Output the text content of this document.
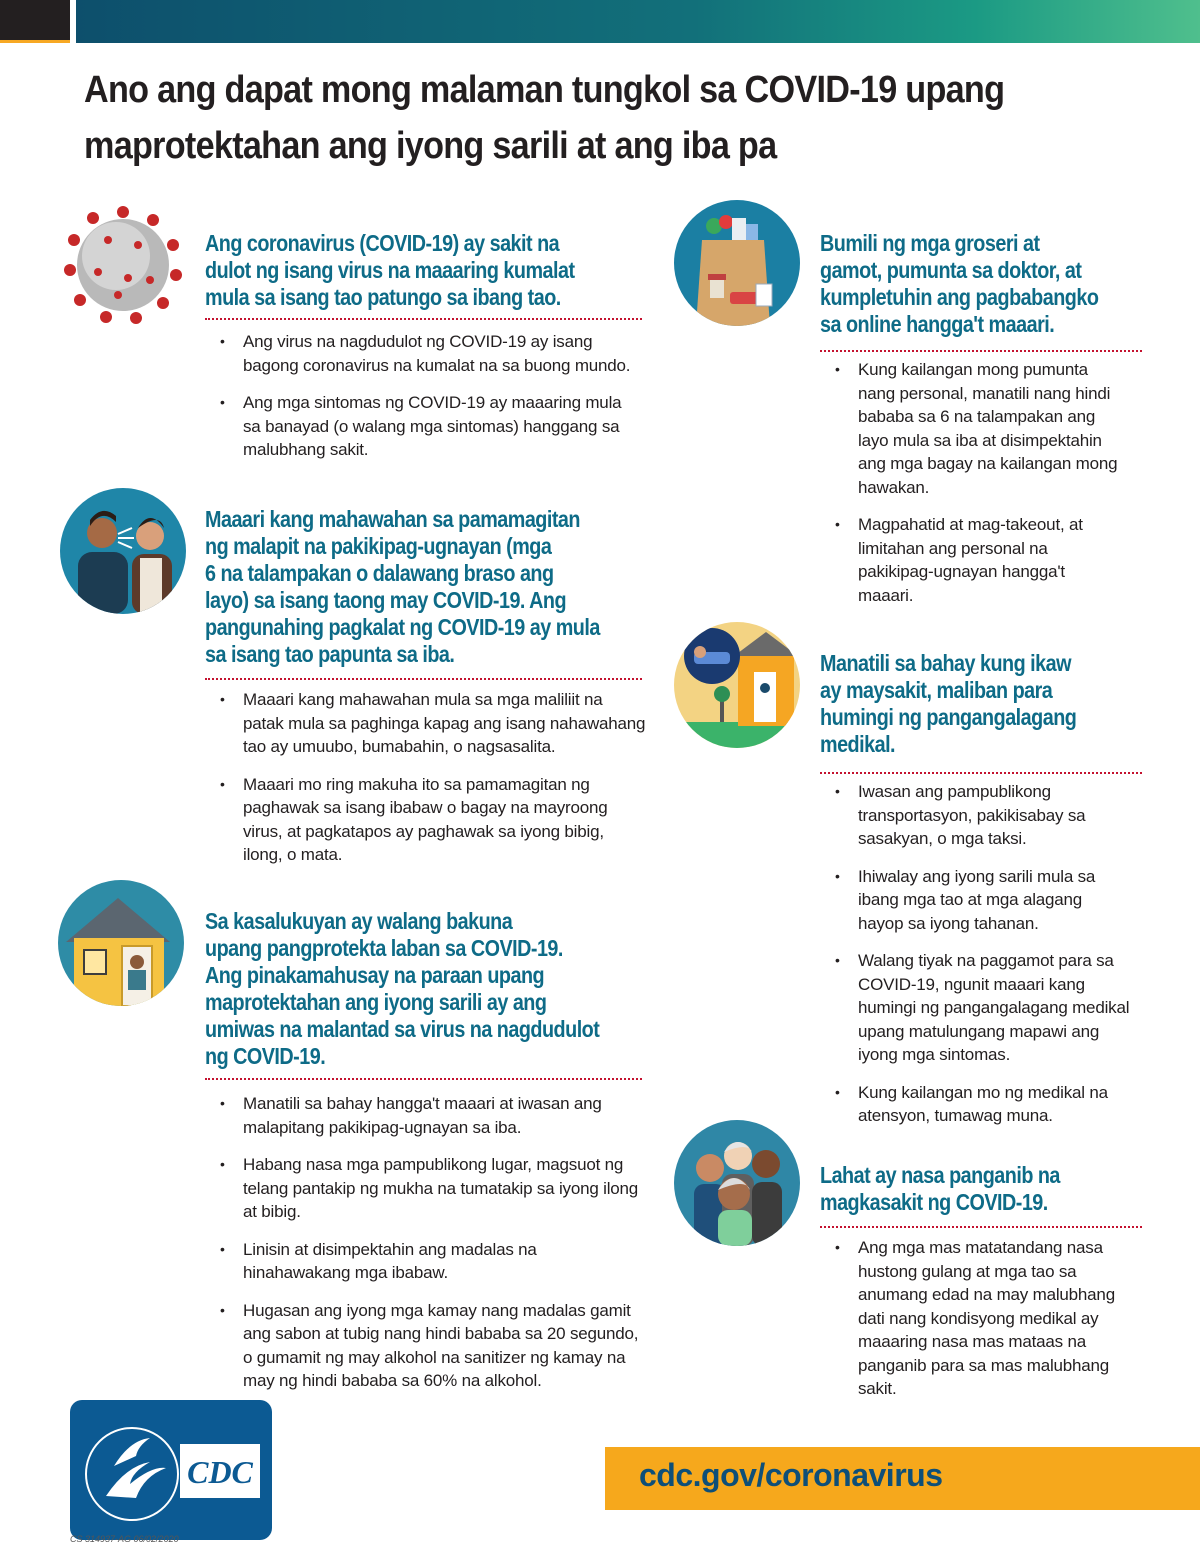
Ano ang dapat mong malaman tungkol sa COVID-19 upang
maprotektahan ang iyong sarili at ang iba pa
Ang coronavirus (COVID-19) ay sakit na
dulot ng isang virus na maaaring kumalat
mula sa isang tao patungo sa ibang tao.
• Ang virus na nagdudulot ng COVID-19 ay isang bagong coronavirus na kumalat na sa buong mundo.
• Ang mga sintomas ng COVID-19 ay maaaring mula sa banayad (o walang mga sintomas) hanggang sa malubhang sakit.
Maaari kang mahawahan sa pamamagitan
ng malapit na pakikipag-ugnayan (mga
6 na talampakan o dalawang braso ang
layo) sa isang taong may COVID-19. Ang
pangunahing pagkalat ng COVID-19 ay mula
sa isang tao papunta sa iba.
• Maaari kang mahawahan mula sa mga maliliit na patak mula sa paghinga kapag ang isang nahawahang tao ay umuubo, bumabahin, o nagsasalita.
• Maaari mo ring makuha ito sa pamamagitan ng paghawak sa isang ibabaw o bagay na mayroong virus, at pagkatapos ay paghawak sa iyong bibig, ilong, o mata.
Sa kasalukuyan ay walang bakuna
upang pangprotekta laban sa COVID-19.
Ang pinakamahusay na paraan upang
maprotektahan ang iyong sarili ay ang
umiwas na malantad sa virus na nagdudulot
ng COVID-19.
• Manatili sa bahay hangga't maaari at iwasan ang malapitang pakikipag-ugnayan sa iba.
• Habang nasa mga pampublikong lugar, magsuot ng telang pantakip ng mukha na tumatakip sa iyong ilong at bibig.
• Linisin at disimpektahin ang madalas na hinahawakang mga ibabaw.
• Hugasan ang iyong mga kamay nang madalas gamit ang sabon at tubig nang hindi bababa sa 20 segundo, o gumamit ng may alkohol na sanitizer ng kamay na may ng hindi bababa sa 60% na alkohol.
Bumili ng mga groseri at
gamot, pumunta sa doktor, at
kumpletuhin ang pagbabangko
sa online hangga't maaari.
• Kung kailangan mong pumunta nang personal, manatili nang hindi bababa sa 6 na talampakan ang layo mula sa iba at disimpektahin ang mga bagay na kailangan mong hawakan.
• Magpahatid at mag-takeout, at limitahan ang personal na pakikipag-ugnayan hangga't maaari.
Manatili sa bahay kung ikaw
ay maysakit, maliban para
humingi ng pangangalagang
medikal.
• Iwasan ang pampublikong transportasyon, pakikisabay sa sasakyan, o mga taksi.
• Ihiwalay ang iyong sarili mula sa ibang mga tao at mga alagang hayop sa iyong tahanan.
• Walang tiyak na paggamot para sa COVID-19, ngunit maaari kang humingi ng pangangalagang medikal upang matulungang mapawi ang iyong mga sintomas.
• Kung kailangan mo ng medikal na atensyon, tumawag muna.
Lahat ay nasa panganib na
magkasakit ng COVID-19.
• Ang mga mas matatandang nasa hustong gulang at mga tao sa anumang edad na may malubhang dati nang kondisyong medikal ay maaaring nasa mas mataas na panganib para sa mas malubhang sakit.
CDC	cdc.gov/coronavirus
CS 314937-AG 06/02/2020
